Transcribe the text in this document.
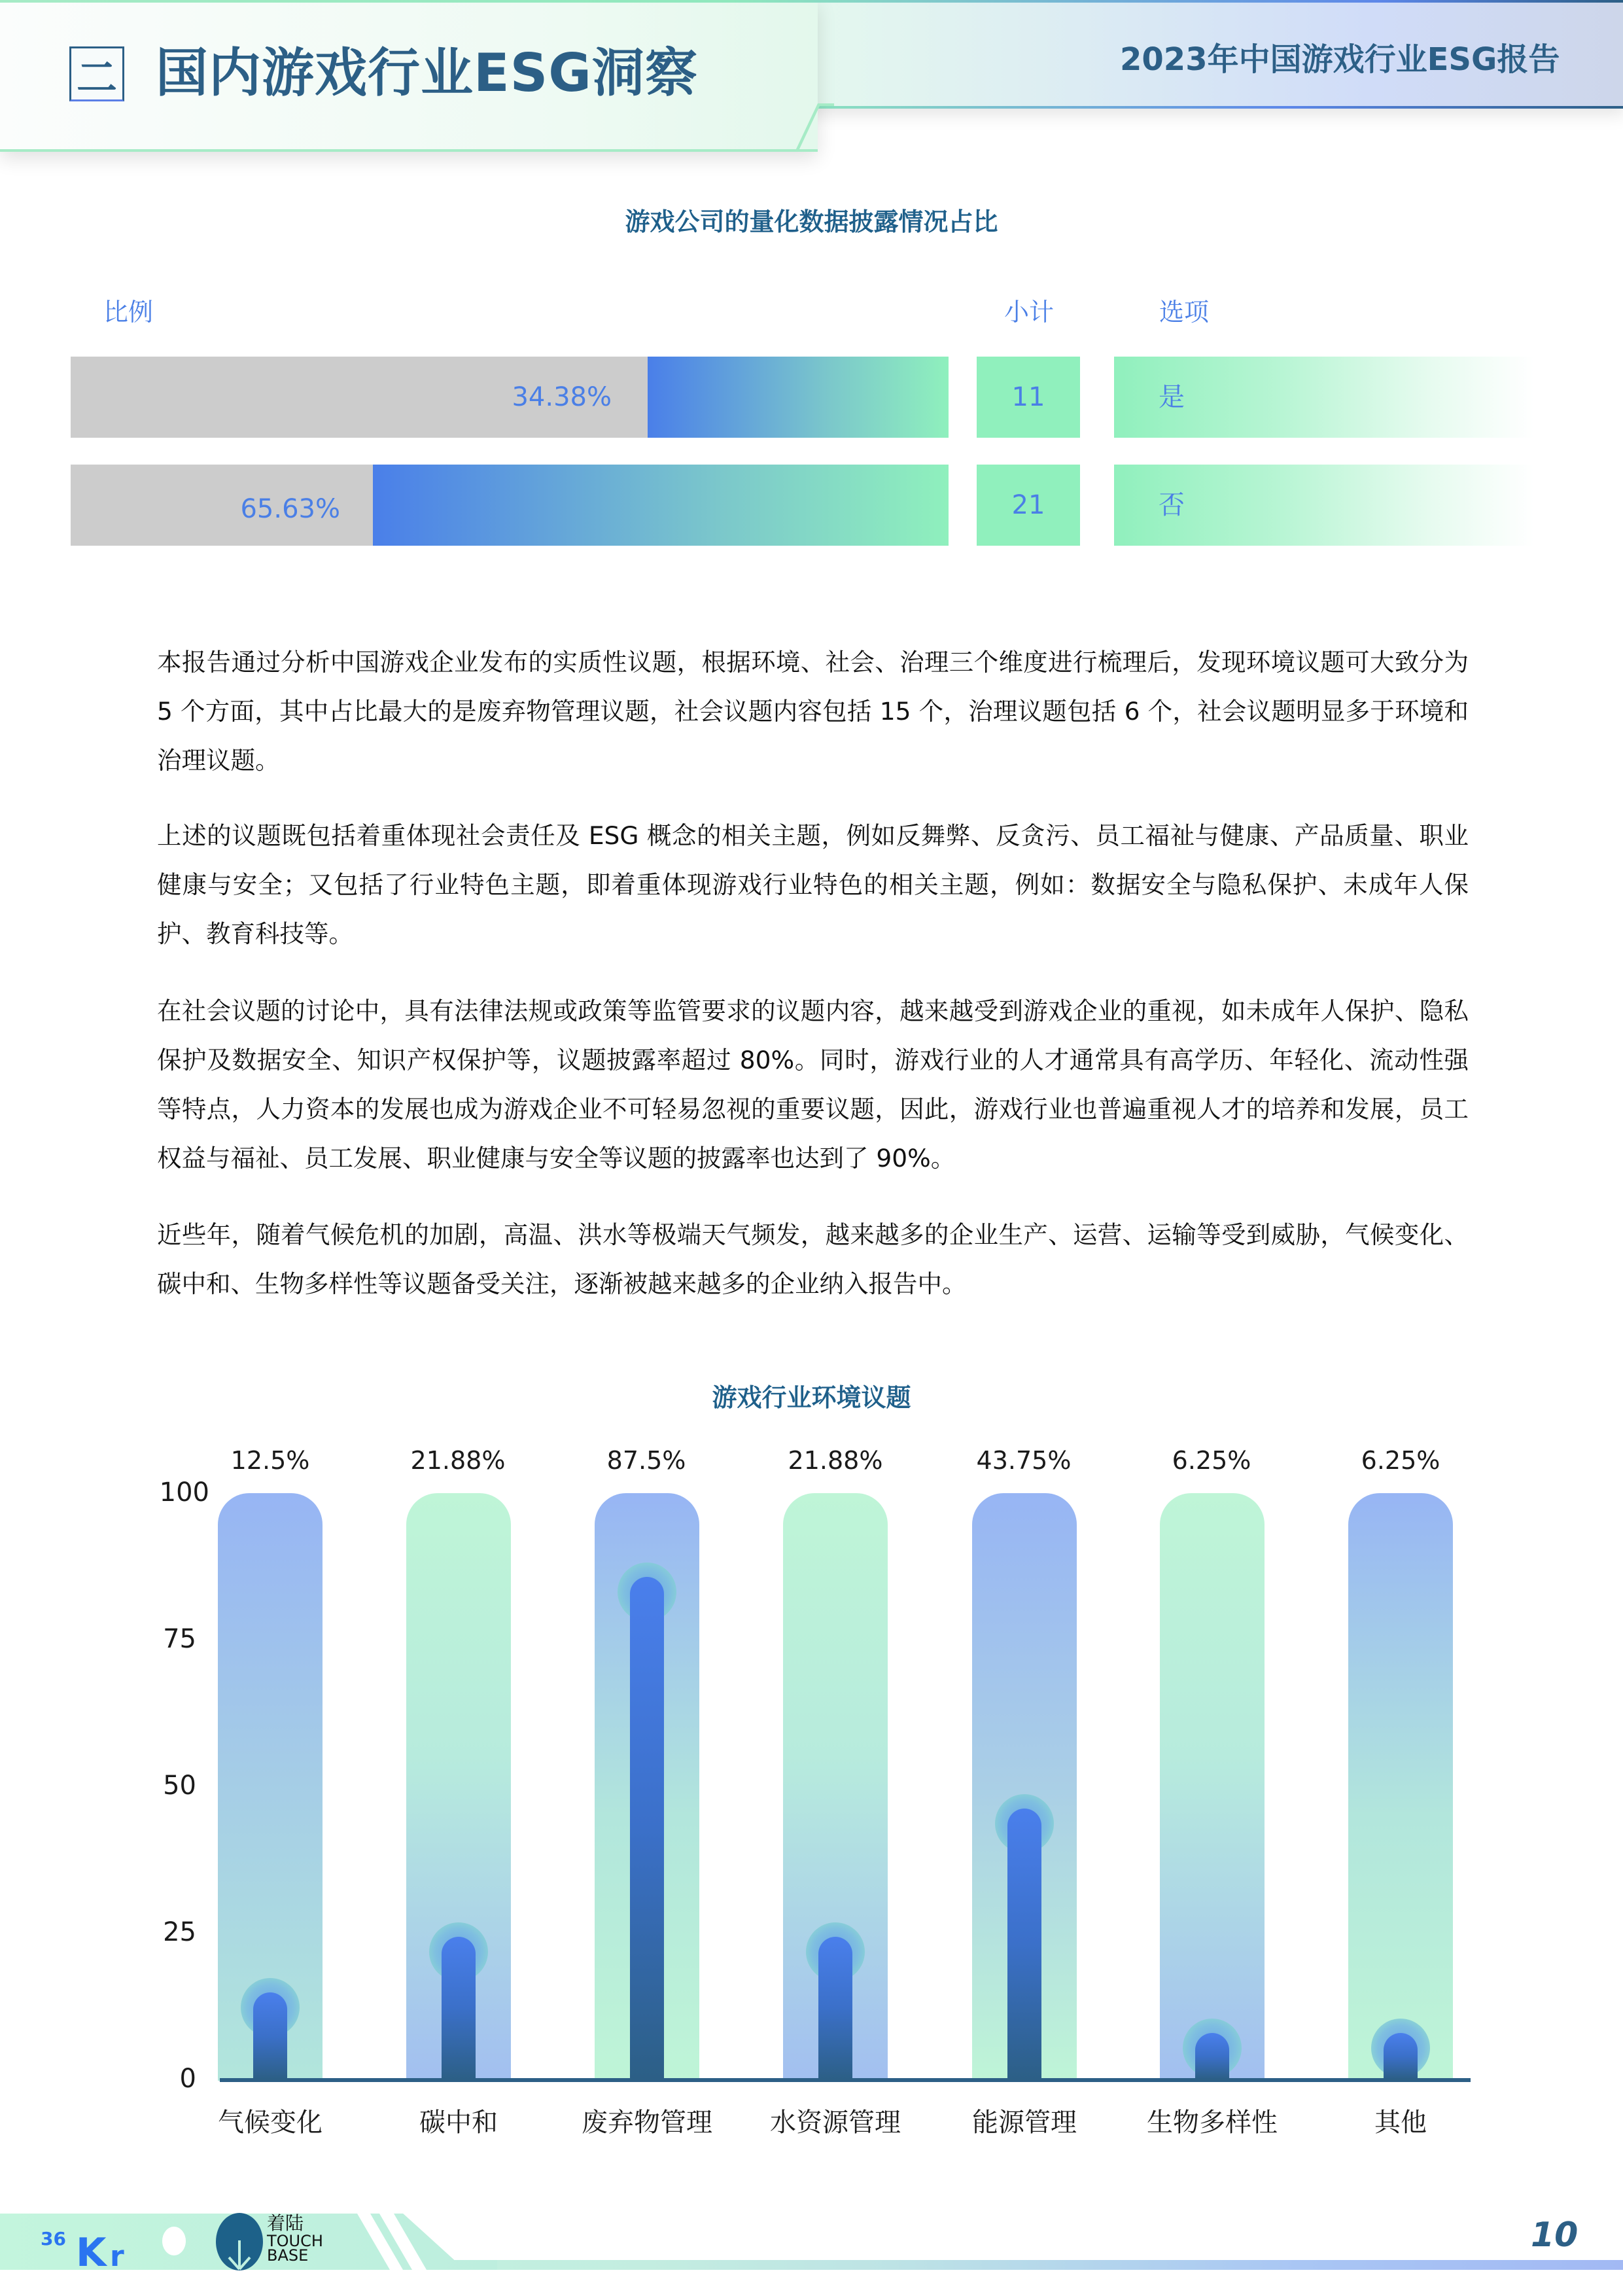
二 国内游戏行业ESG洞察	2023年中国游戏行业ESG报告
游戏公司的量化数据披露情况占比
比例	小计	选项
34.38%	11	是
65.63%	21	否

本报告通过分析中国游戏企业发布的实质性议题，根据环境、社会、治理三个维度进行梳理后，发现环境议题可大致分为 5 个方面，其中占比最大的是废弃物管理议题，社会议题内容包括 15 个，治理议题包括 6 个，社会议题明显多于环境和治理议题。

上述的议题既包括着重体现社会责任及 ESG 概念的相关主题，例如反舞弊、反贪污、员工福祉与健康、产品质量、职业健康与安全；又包括了行业特色主题，即着重体现游戏行业特色的相关主题，例如：数据安全与隐私保护、未成年人保护、教育科技等。

在社会议题的讨论中，具有法律法规或政策等监管要求的议题内容，越来越受到游戏企业的重视，如未成年人保护、隐私保护及数据安全、知识产权保护等，议题披露率超过 80%。同时，游戏行业的人才通常具有高学历、年轻化、流动性强等特点，人力资本的发展也成为游戏企业不可轻易忽视的重要议题，因此，游戏行业也普遍重视人才的培养和发展，员工权益与福祉、员工发展、职业健康与安全等议题的披露率也达到了 90%。

近些年，随着气候危机的加剧，高温、洪水等极端天气频发，越来越多的企业生产、运营、运输等受到威胁，气候变化、碳中和、生物多样性等议题备受关注，逐渐被越来越多的企业纳入报告中。

游戏行业环境议题
100
75
50
25
0
12.5%	21.88%	87.5%	21.88%	43.75%	6.25%	6.25%
气候变化	碳中和	废弃物管理	水资源管理	能源管理	生物多样性	其他
36 K r
着陆
TOUCH
BASE
10
